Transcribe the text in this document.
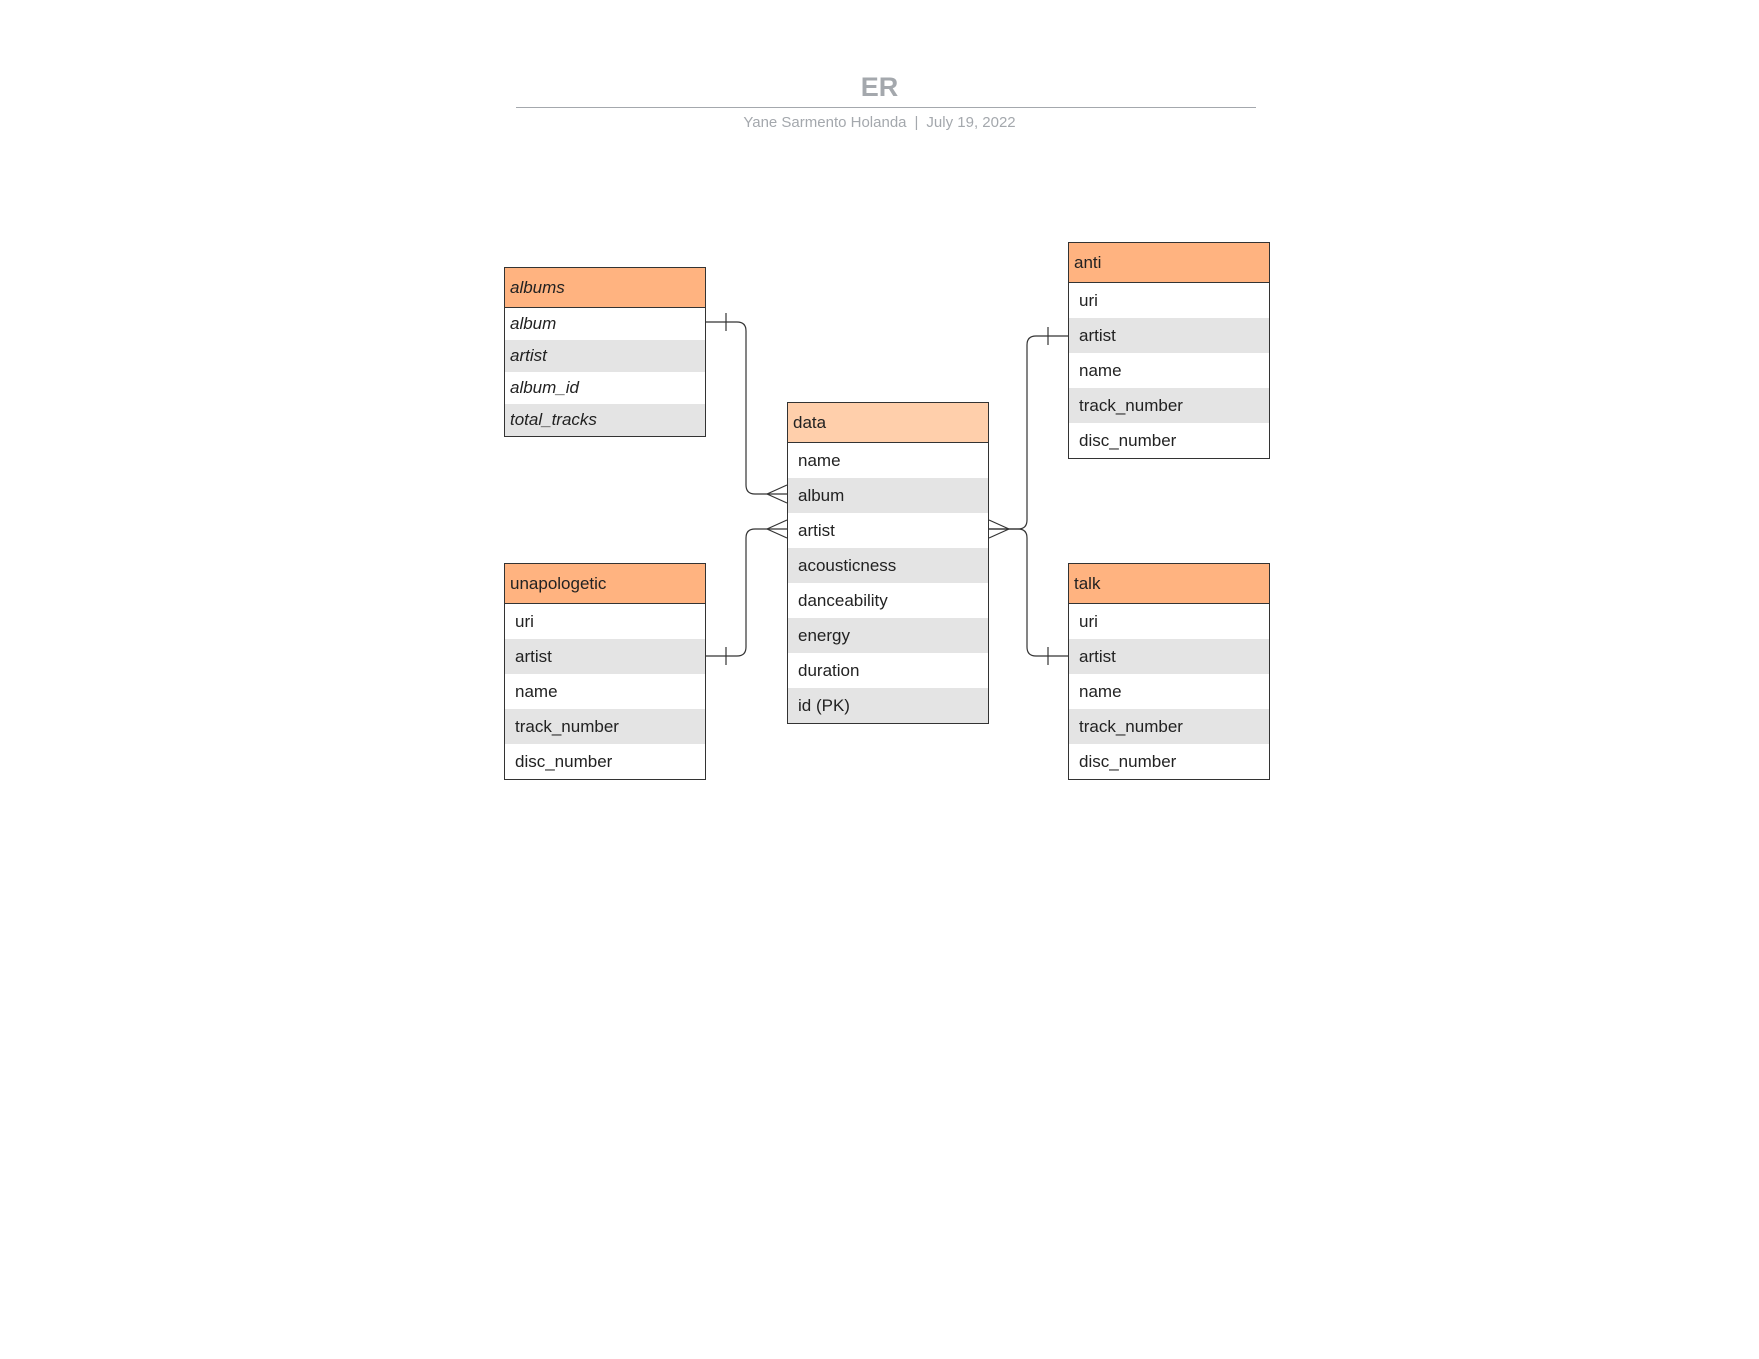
ER
Yane Sarmento Holanda | July 19, 2022
albums
album
artist
album_id
total_tracks	data
name
album
artist
acousticness
danceability
energy
duration
id (PK)
anti
uri
artist
name
track_number
disc_number
unapologetic
uri
artist
name
track_number
disc_number
talk
uri
artist
name
track_number
disc_number
